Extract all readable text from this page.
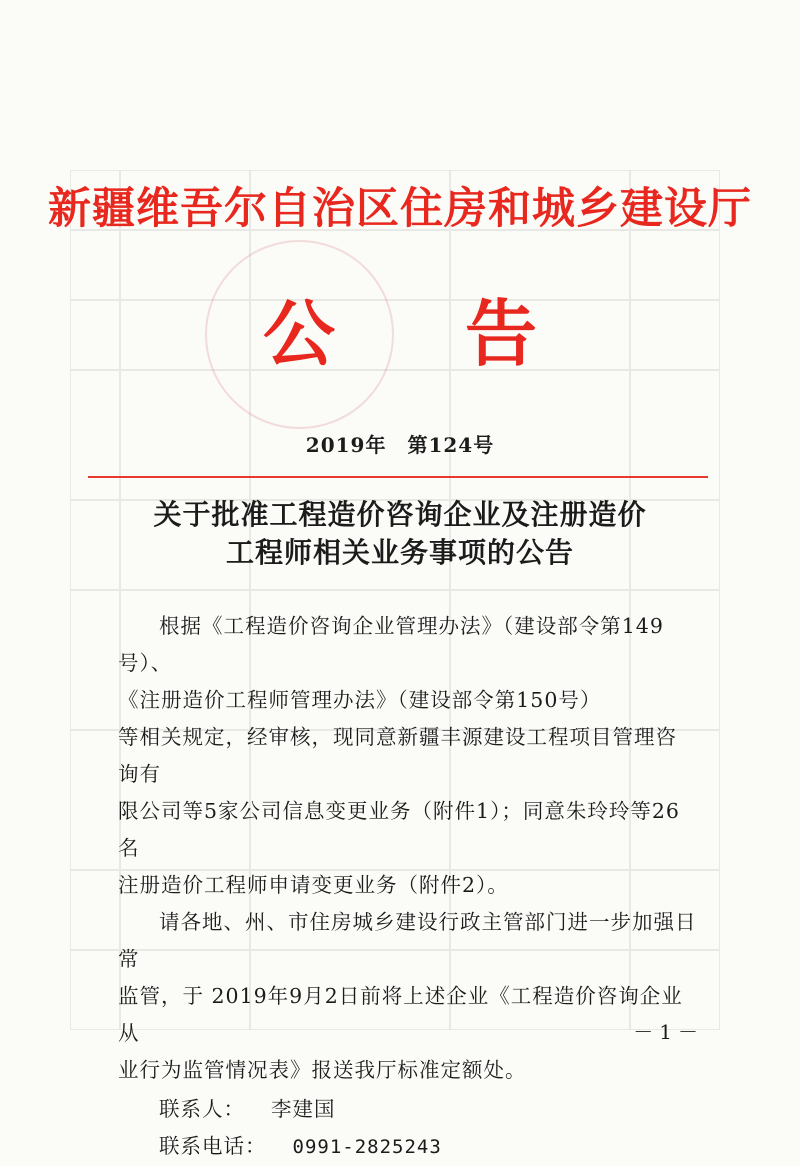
新疆维吾尔自治区住房和城乡建设厅
公 告
2019年　第124号
关于批准工程造价咨询企业及注册造价
工程师相关业务事项的公告

根据《工程造价咨询企业管理办法》（建设部令第149号）、
《注册造价工程师管理办法》（建设部令第150号）
等相关规定，经审核，现同意新疆丰源建设工程项目管理咨询有
限公司等5家公司信息变更业务（附件1）；同意朱玲玲等26名
注册造价工程师申请变更业务（附件2）。

请各地、州、市住房城乡建设行政主管部门进一步加强日常
监管，于 2019年9月2日前将上述企业《工程造价咨询企业从
业行为监管情况表》报送我厅标准定额处。

联系人： 李建国
联系电话： 0991-2825243
－1－
